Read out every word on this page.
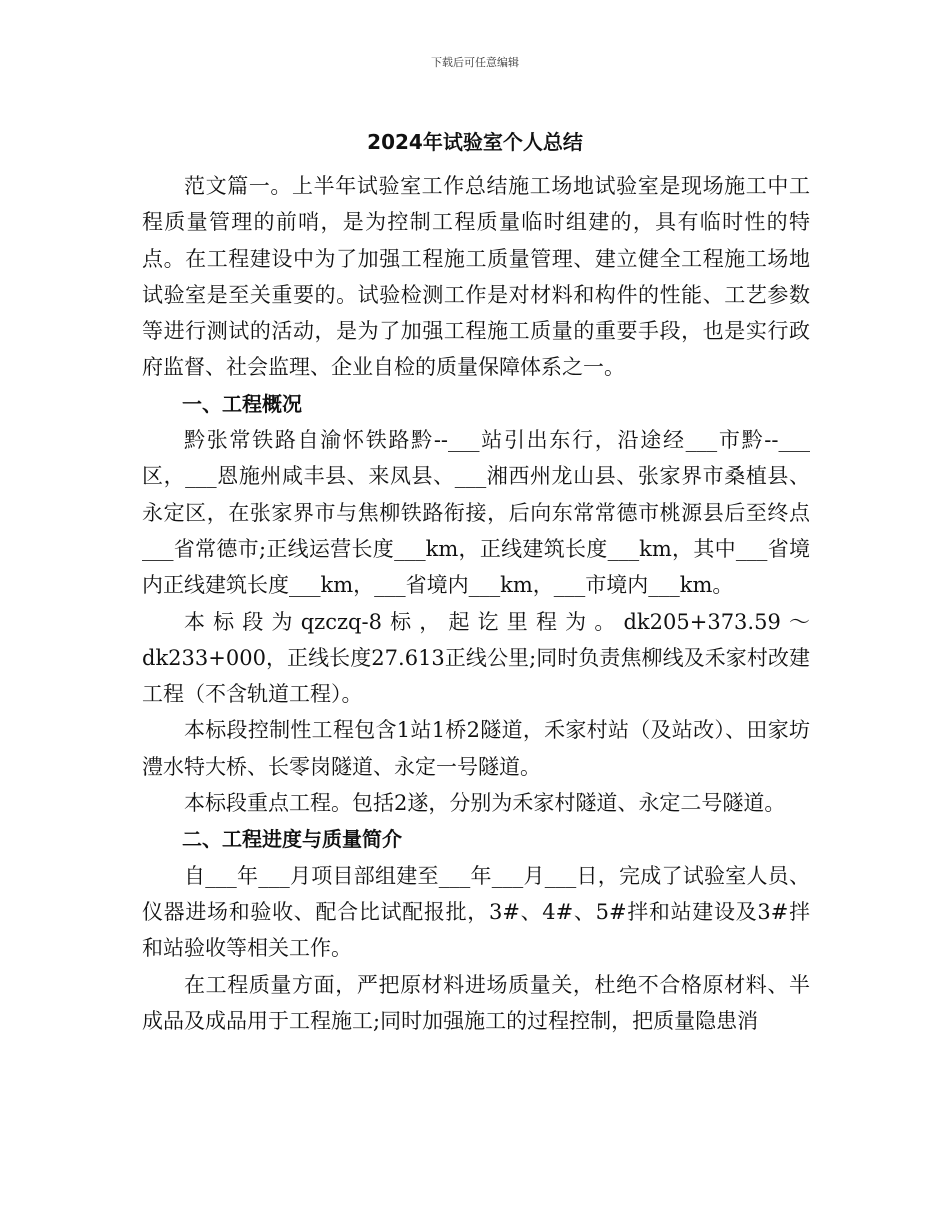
下载后可任意编辑
2024年试验室个人总结

范文篇一。上半年试验室工作总结施工场地试验室是现场施工中工程质量管理的前哨，是为控制工程质量临时组建的，具有临时性的特点。在工程建设中为了加强工程施工质量管理、建立健全工程施工场地试验室是至关重要的。试验检测工作是对材料和构件的性能、工艺参数等进行测试的活动，是为了加强工程施工质量的重要手段，也是实行政府监督、社会监理、企业自检的质量保障体系之一。

一、工程概况

黔张常铁路自渝怀铁路黔--___站引出东行，沿途经___市黔--___区，___恩施州咸丰县、来凤县、___湘西州龙山县、张家界市桑植县、永定区，在张家界市与焦柳铁路衔接，后向东常常德市桃源县后至终点___省常德市;正线运营长度___km，正线建筑长度___km，其中___省境内正线建筑长度___km，___省境内___km，___市境内___km。

本标段为qzczq-8标，起讫里程为。dk205+373.59～dk233+000，正线长度27.613正线公里;同时负责焦柳线及禾家村改建工程（不含轨道工程）。

本标段控制性工程包含1站1桥2隧道，禾家村站（及站改）、田家坊澧水特大桥、长零岗隧道、永定一号隧道。

本标段重点工程。包括2遂，分别为禾家村隧道、永定二号隧道。

二、工程进度与质量简介

自___年___月项目部组建至___年___月___日，完成了试验室人员、仪器进场和验收、配合比试配报批，3#、4#、5#拌和站建设及3#拌和站验收等相关工作。

在工程质量方面，严把原材料进场质量关，杜绝不合格原材料、半成品及成品用于工程施工;同时加强施工的过程控制，把质量隐患消
